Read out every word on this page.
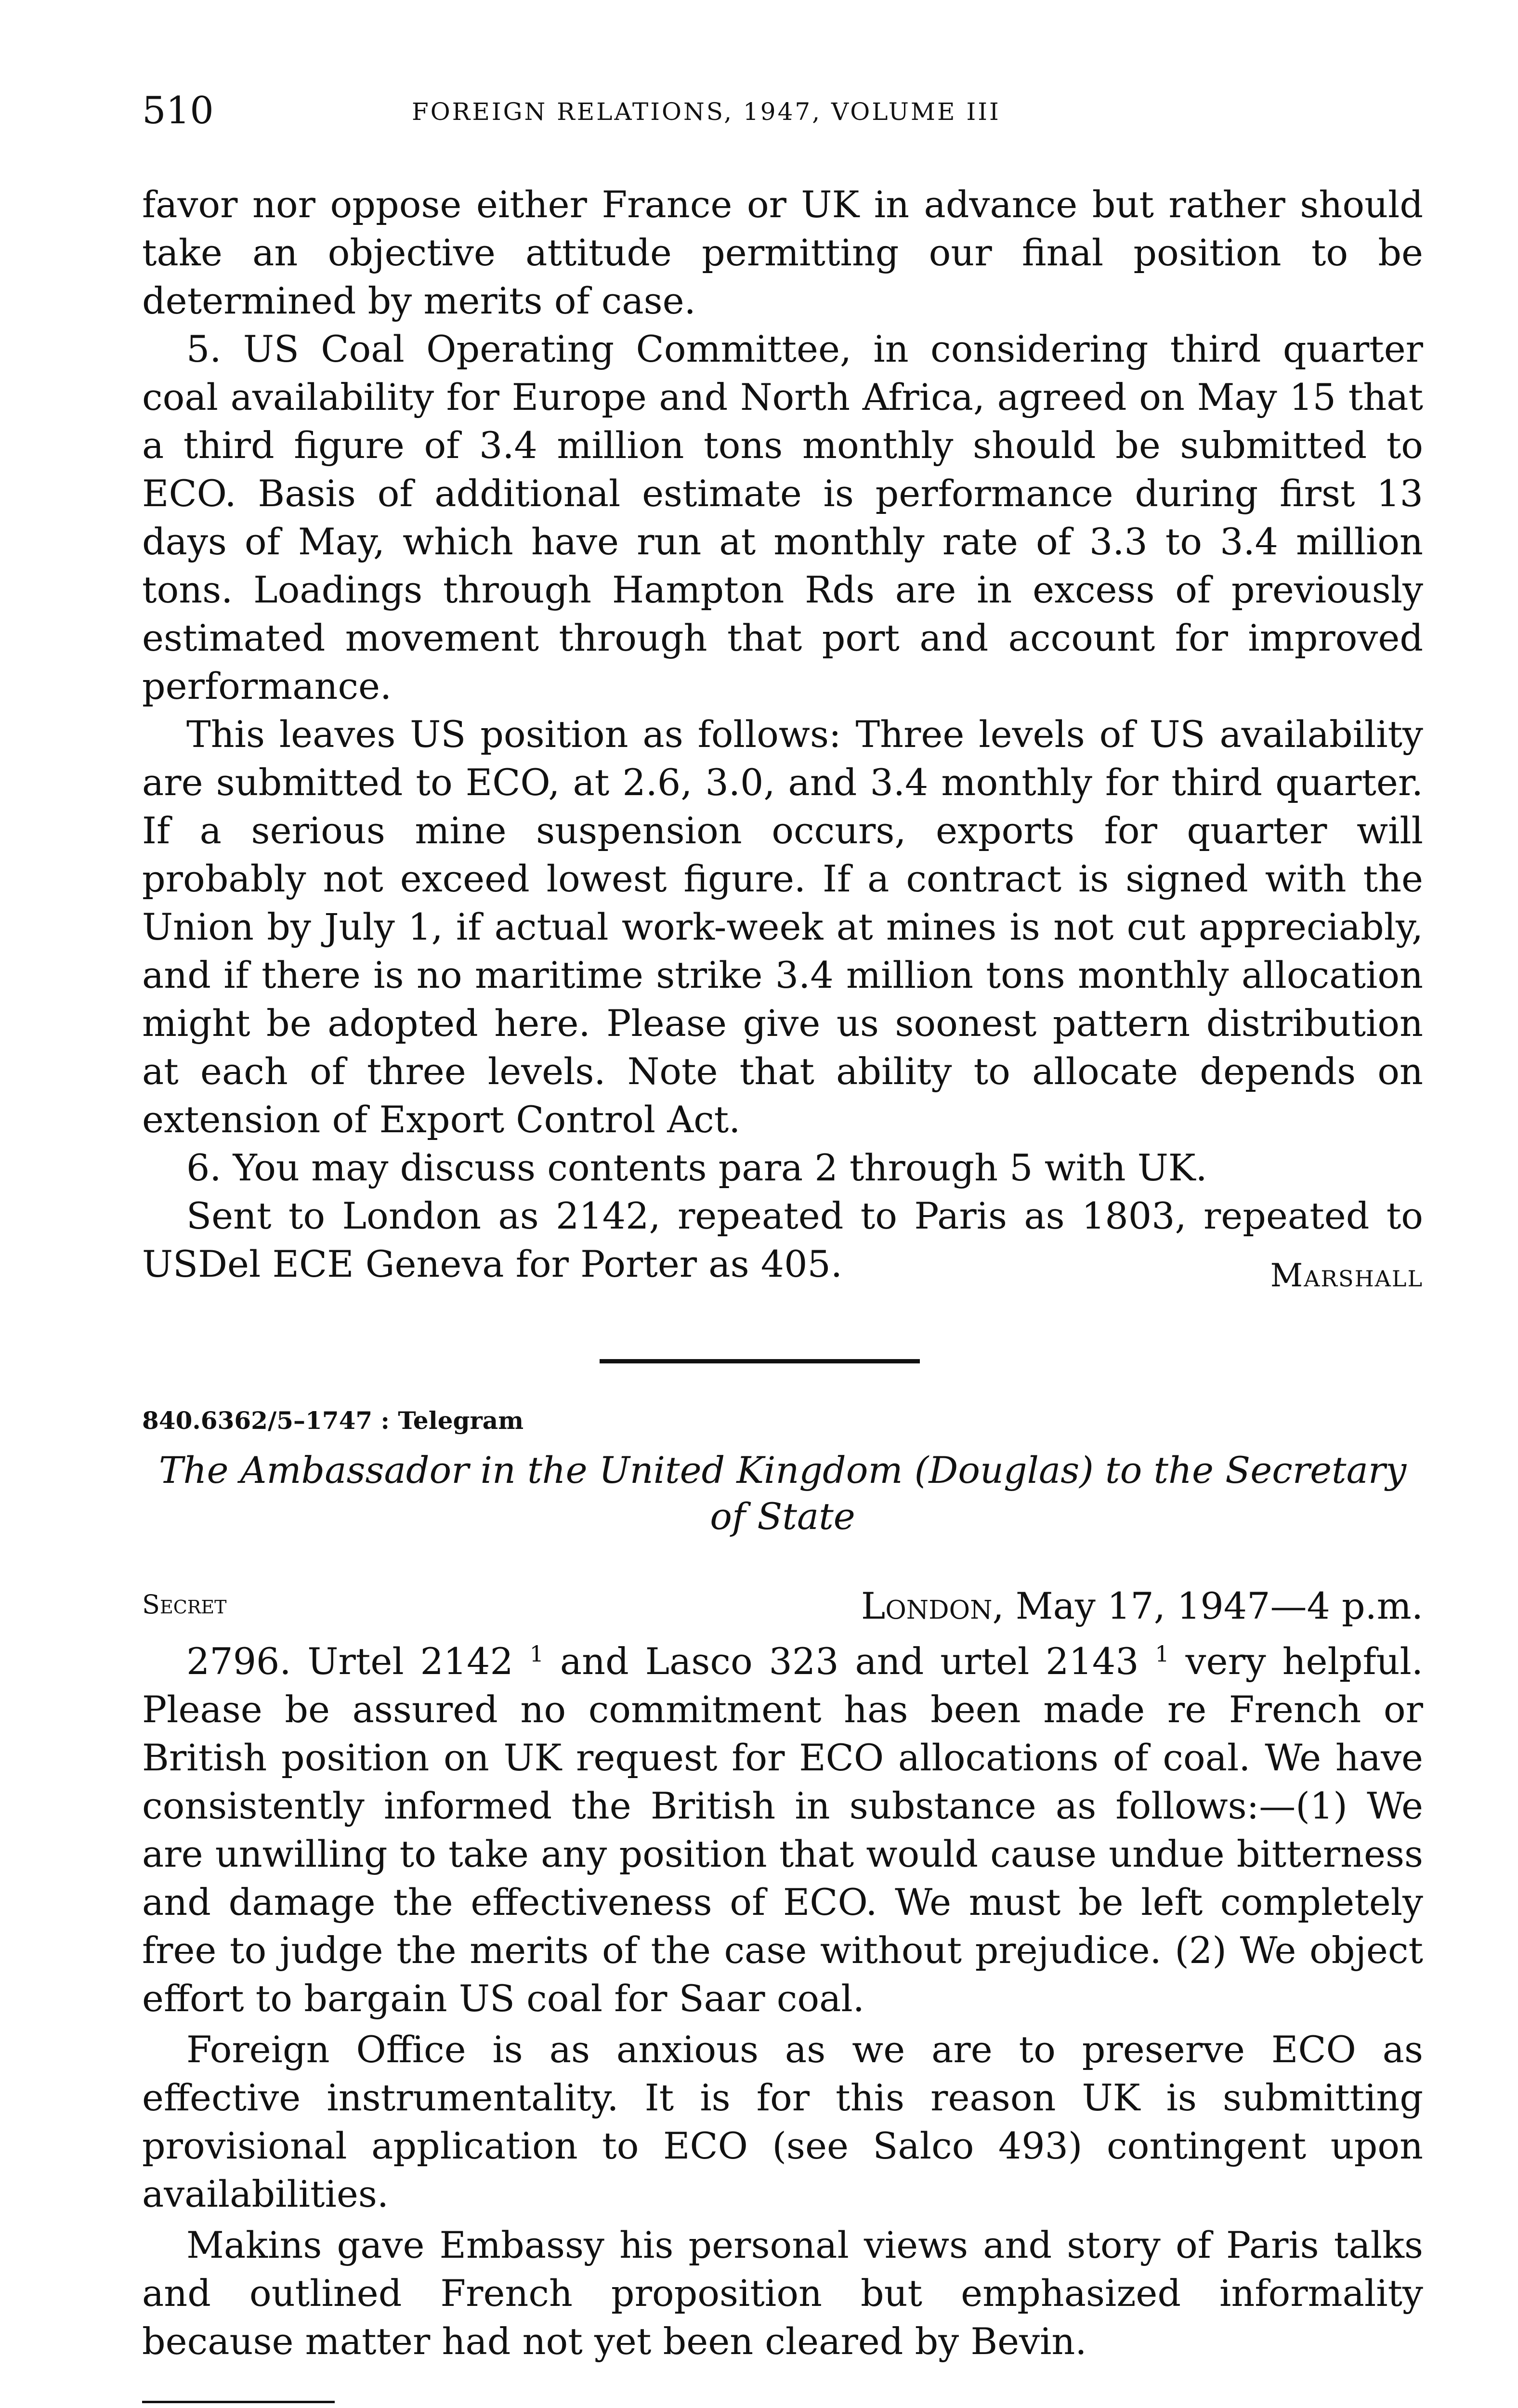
510	FOREIGN RELATIONS, 1947, VOLUME III

favor nor oppose either France or UK in advance but rather should take an objective attitude permitting our final position to be determined by merits of case.

5. US Coal Operating Committee, in considering third quarter coal availability for Europe and North Africa, agreed on May 15 that a third figure of 3.4 million tons monthly should be submitted to ECO. Basis of additional estimate is performance during first 13 days of May, which have run at monthly rate of 3.3 to 3.4 million tons. Loadings through Hampton Rds are in excess of previously estimated movement through that port and account for improved performance.

This leaves US position as follows: Three levels of US availability are submitted to ECO, at 2.6, 3.0, and 3.4 monthly for third quarter. If a serious mine suspension occurs, exports for quarter will probably not exceed lowest figure. If a contract is signed with the Union by July 1, if actual work-week at mines is not cut appreciably, and if there is no maritime strike 3.4 million tons monthly allocation might be adopted here. Please give us soonest pattern distribution at each of three levels. Note that ability to allocate depends on extension of Export Control Act.

6. You may discuss contents para 2 through 5 with UK.

Sent to London as 2142, repeated to Paris as 1803, repeated to USDel ECE Geneva for Porter as 405.	Marshall
840.6362/5–1747 : Telegram
The Ambassador in the United Kingdom (Douglas) to the Secretary of State
Secret	London, May 17, 1947—4 p.m.

2796. Urtel 2142 $^1$ and Lasco 323 and urtel 2143 $^1$ very helpful. Please be assured no commitment has been made re French or British position on UK request for ECO allocations of coal. We have consistently informed the British in substance as follows:—(1) We are unwilling to take any position that would cause undue bitterness and damage the effectiveness of ECO. We must be left completely free to judge the merits of the case without prejudice. (2) We object effort to bargain US coal for Saar coal.

Foreign Office is as anxious as we are to preserve ECO as effective instrumentality. It is for this reason UK is submitting provisional application to ECO (see Salco 493) contingent upon availabilities.

Makins gave Embassy his personal views and story of Paris talks and outlined French proposition but emphasized informality because matter had not yet been cleared by Bevin.
